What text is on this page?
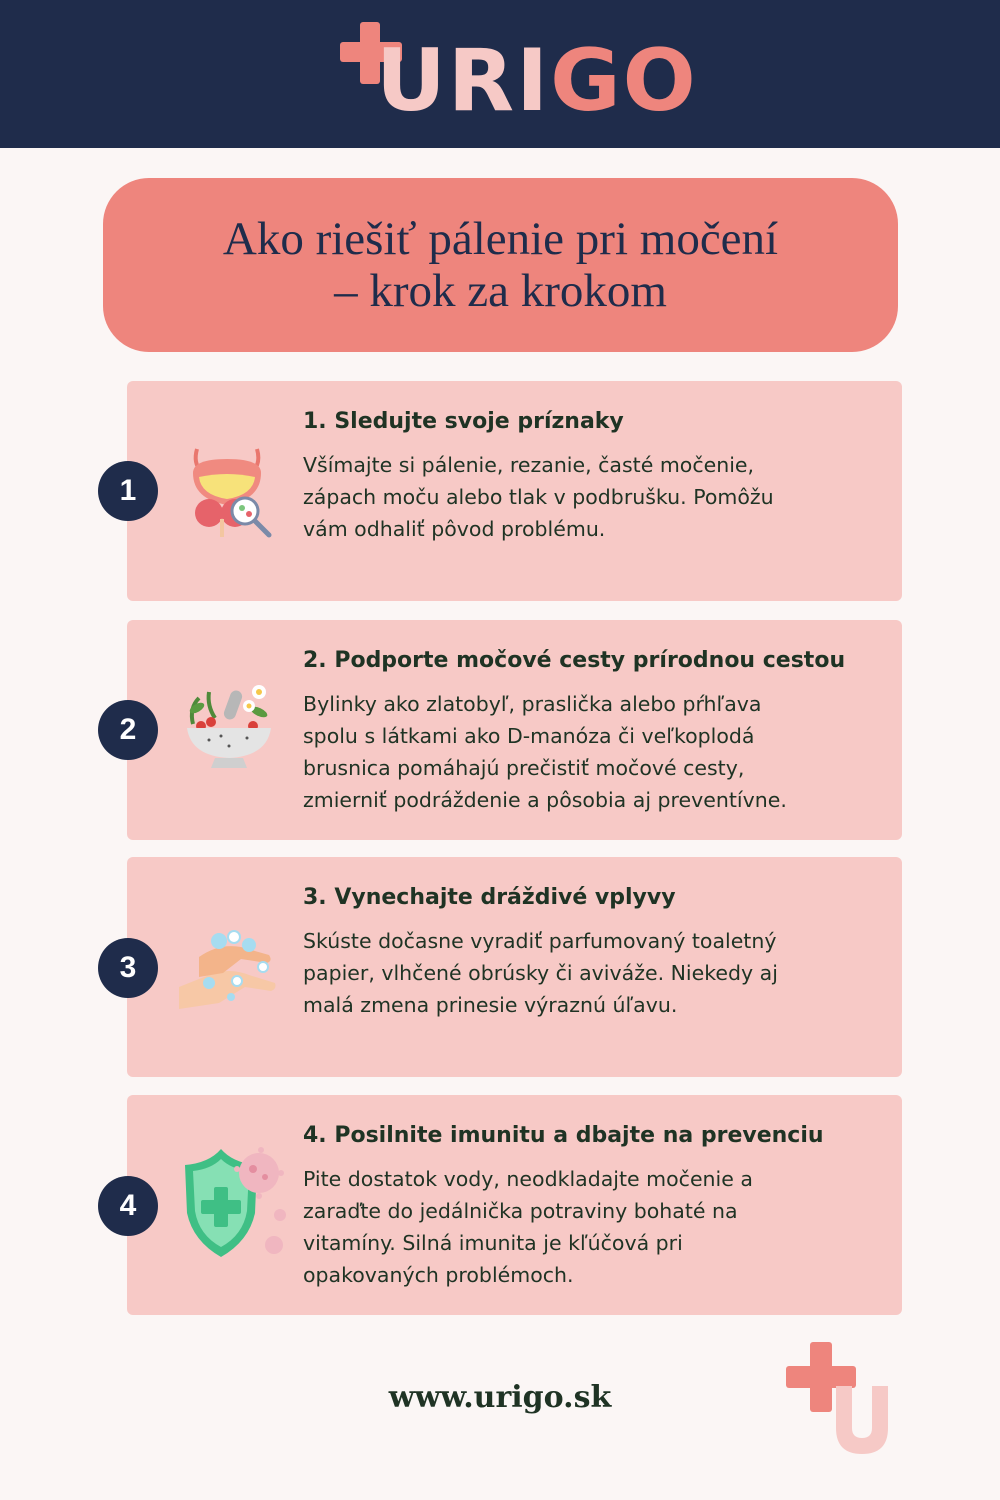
URIGO
Ako riešiť pálenie pri močení
– krok za krokom
1. Sledujte svoje príznaky
Všímajte si pálenie, rezanie, časté močenie,
zápach moču alebo tlak v podbrušku. Pomôžu
vám odhaliť pôvod problému.
1
2. Podporte močové cesty prírodnou cestou
Bylinky ako zlatobyľ, praslička alebo pŕhľava
spolu s látkami ako D-manóza či veľkoplodá
brusnica pomáhajú prečistiť močové cesty,
zmierniť podráždenie a pôsobia aj preventívne.
2
3. Vynechajte dráždivé vplyvy
Skúste dočasne vyradiť parfumovaný toaletný
papier, vlhčené obrúsky či aviváže. Niekedy aj
malá zmena prinesie výraznú úľavu.
3
4. Posilnite imunitu a dbajte na prevenciu
Pite dostatok vody, neodkladajte močenie a
zaraďte do jedálnička potraviny bohaté na
vitamíny. Silná imunita je kľúčová pri
opakovaných problémoch.
4
www.urigo.sk
